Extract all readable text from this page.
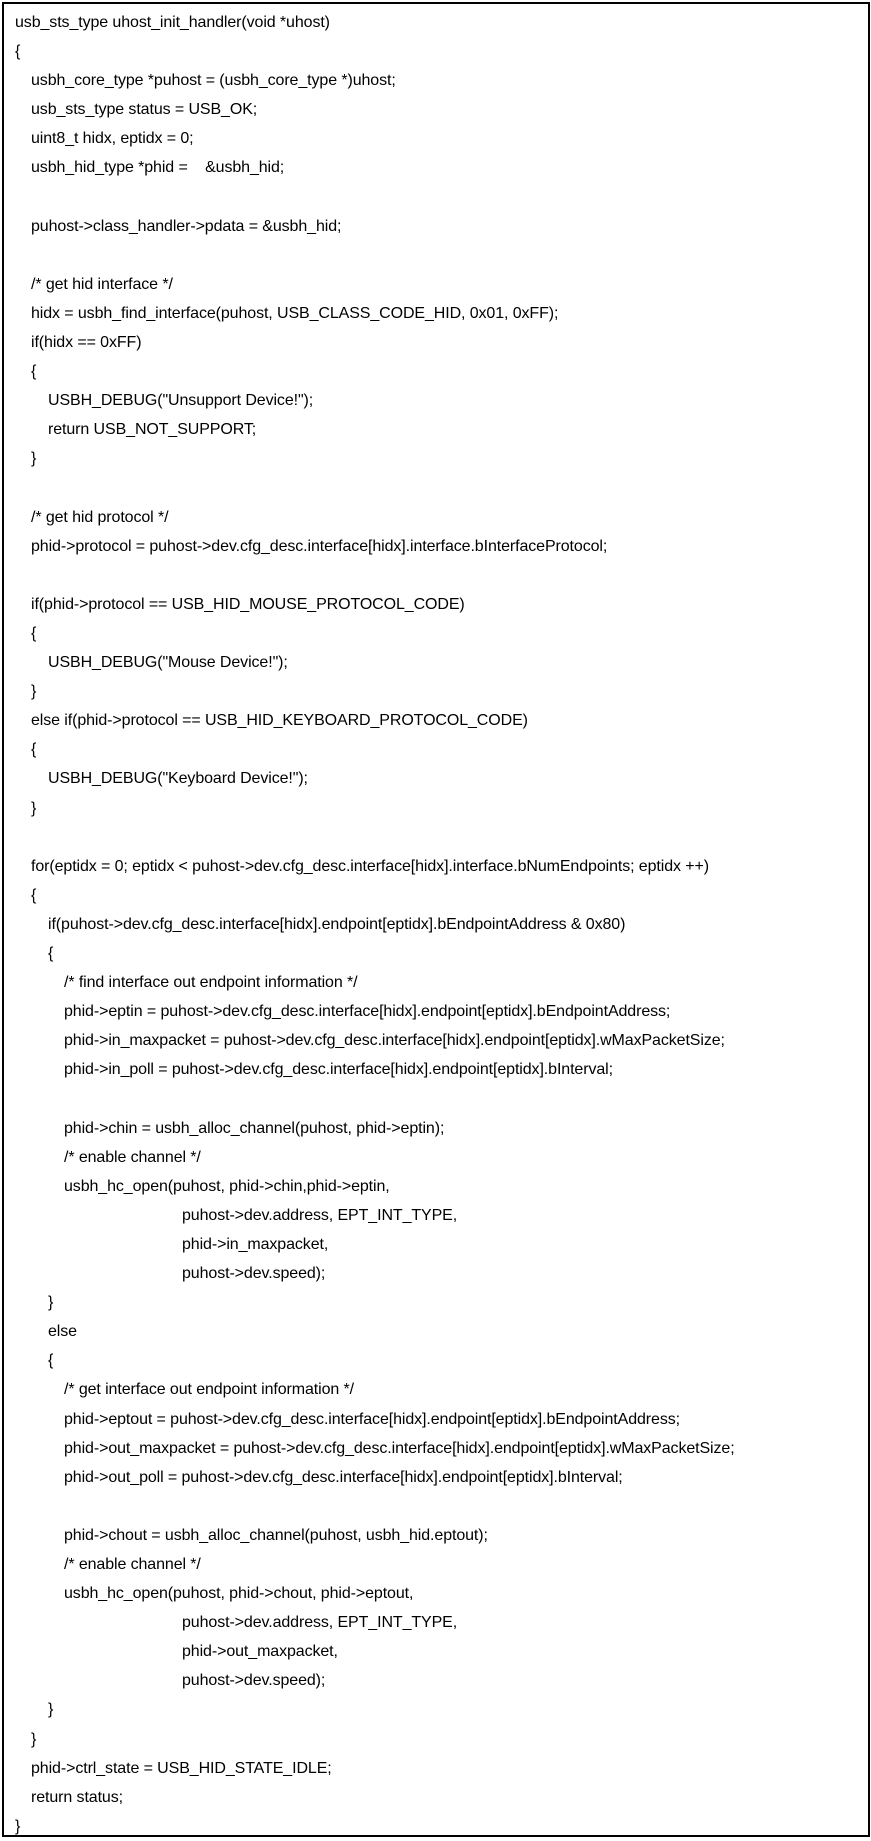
usb_sts_type uhost_init_handler(void *uhost)
{
usbh_core_type *puhost = (usbh_core_type *)uhost;
usb_sts_type status = USB_OK;
uint8_t hidx, eptidx = 0;
usbh_hid_type *phid =    &usbh_hid;
puhost->class_handler->pdata = &usbh_hid;
/* get hid interface */
hidx = usbh_find_interface(puhost, USB_CLASS_CODE_HID, 0x01, 0xFF);
if(hidx == 0xFF)
{
USBH_DEBUG("Unsupport Device!");
return USB_NOT_SUPPORT;
}
/* get hid protocol */
phid->protocol = puhost->dev.cfg_desc.interface[hidx].interface.bInterfaceProtocol;
if(phid->protocol == USB_HID_MOUSE_PROTOCOL_CODE)
{
USBH_DEBUG("Mouse Device!");
}
else if(phid->protocol == USB_HID_KEYBOARD_PROTOCOL_CODE)
{
USBH_DEBUG("Keyboard Device!");
}
for(eptidx = 0; eptidx < puhost->dev.cfg_desc.interface[hidx].interface.bNumEndpoints; eptidx ++)
{
if(puhost->dev.cfg_desc.interface[hidx].endpoint[eptidx].bEndpointAddress & 0x80)
{
/* find interface out endpoint information */
phid->eptin = puhost->dev.cfg_desc.interface[hidx].endpoint[eptidx].bEndpointAddress;
phid->in_maxpacket = puhost->dev.cfg_desc.interface[hidx].endpoint[eptidx].wMaxPacketSize;
phid->in_poll = puhost->dev.cfg_desc.interface[hidx].endpoint[eptidx].bInterval;
phid->chin = usbh_alloc_channel(puhost, phid->eptin);
/* enable channel */
usbh_hc_open(puhost, phid->chin,phid->eptin,
puhost->dev.address, EPT_INT_TYPE,
phid->in_maxpacket,
puhost->dev.speed);
}
else
{
/* get interface out endpoint information */
phid->eptout = puhost->dev.cfg_desc.interface[hidx].endpoint[eptidx].bEndpointAddress;
phid->out_maxpacket = puhost->dev.cfg_desc.interface[hidx].endpoint[eptidx].wMaxPacketSize;
phid->out_poll = puhost->dev.cfg_desc.interface[hidx].endpoint[eptidx].bInterval;
phid->chout = usbh_alloc_channel(puhost, usbh_hid.eptout);
/* enable channel */
usbh_hc_open(puhost, phid->chout, phid->eptout,
puhost->dev.address, EPT_INT_TYPE,
phid->out_maxpacket,
puhost->dev.speed);
}
}
phid->ctrl_state = USB_HID_STATE_IDLE;
return status;
}
